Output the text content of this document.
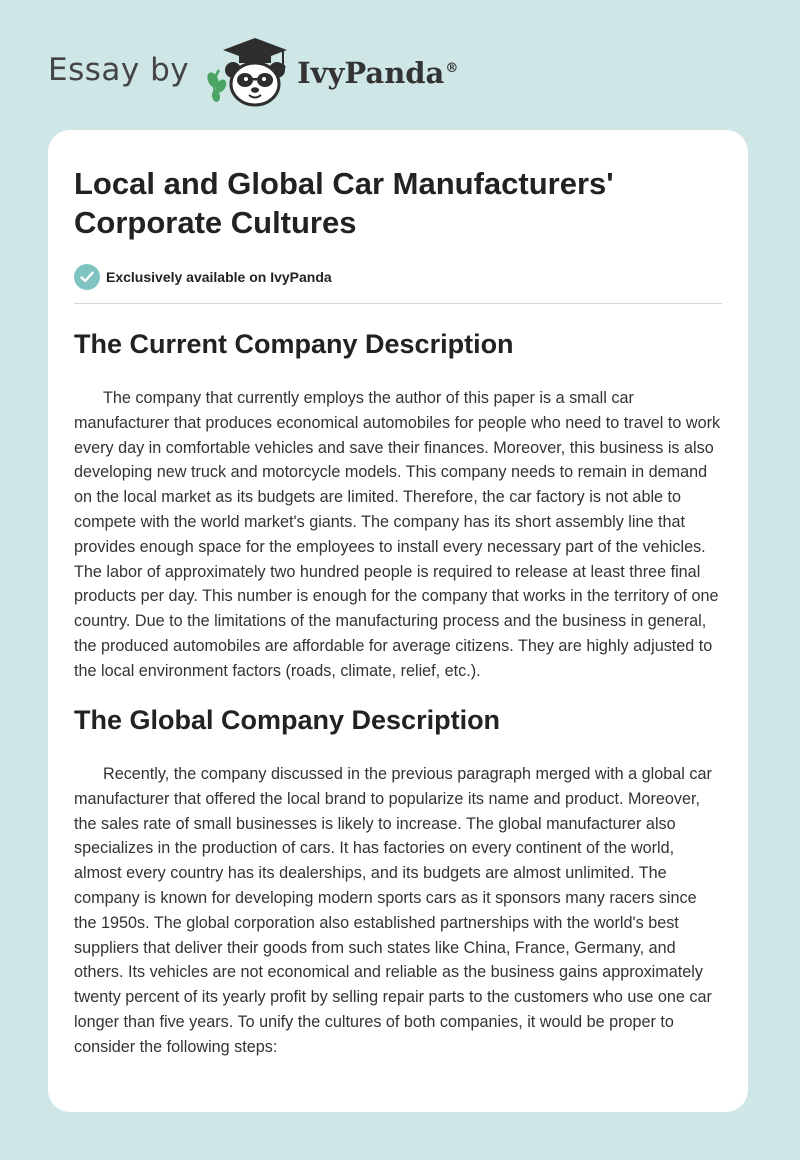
Essay by	IvyPanda®
Local and Global Car Manufacturers' Corporate Cultures
Exclusively available on IvyPanda
The Current Company Description

The company that currently employs the author of this paper is a small car manufacturer that produces economical automobiles for people who need to travel to work every day in comfortable vehicles and save their finances. Moreover, this business is also developing new truck and motorcycle models. This company needs to remain in demand on the local market as its budgets are limited. Therefore, the car factory is not able to compete with the world market's giants. The company has its short assembly line that provides enough space for the employees to install every necessary part of the vehicles. The labor of approximately two hundred people is required to release at least three final products per day. This number is enough for the company that works in the territory of one country. Due to the limitations of the manufacturing process and the business in general, the produced automobiles are affordable for average citizens. They are highly adjusted to the local environment factors (roads, climate, relief, etc.).

The Global Company Description

Recently, the company discussed in the previous paragraph merged with a global car manufacturer that offered the local brand to popularize its name and product. Moreover, the sales rate of small businesses is likely to increase. The global manufacturer also specializes in the production of cars. It has factories on every continent of the world, almost every country has its dealerships, and its budgets are almost unlimited. The company is known for developing modern sports cars as it sponsors many racers since the 1950s. The global corporation also established partnerships with the world's best suppliers that deliver their goods from such states like China, France, Germany, and others. Its vehicles are not economical and reliable as the business gains approximately twenty percent of its yearly profit by selling repair parts to the customers who use one car longer than five years. To unify the cultures of both companies, it would be proper to consider the following steps:
